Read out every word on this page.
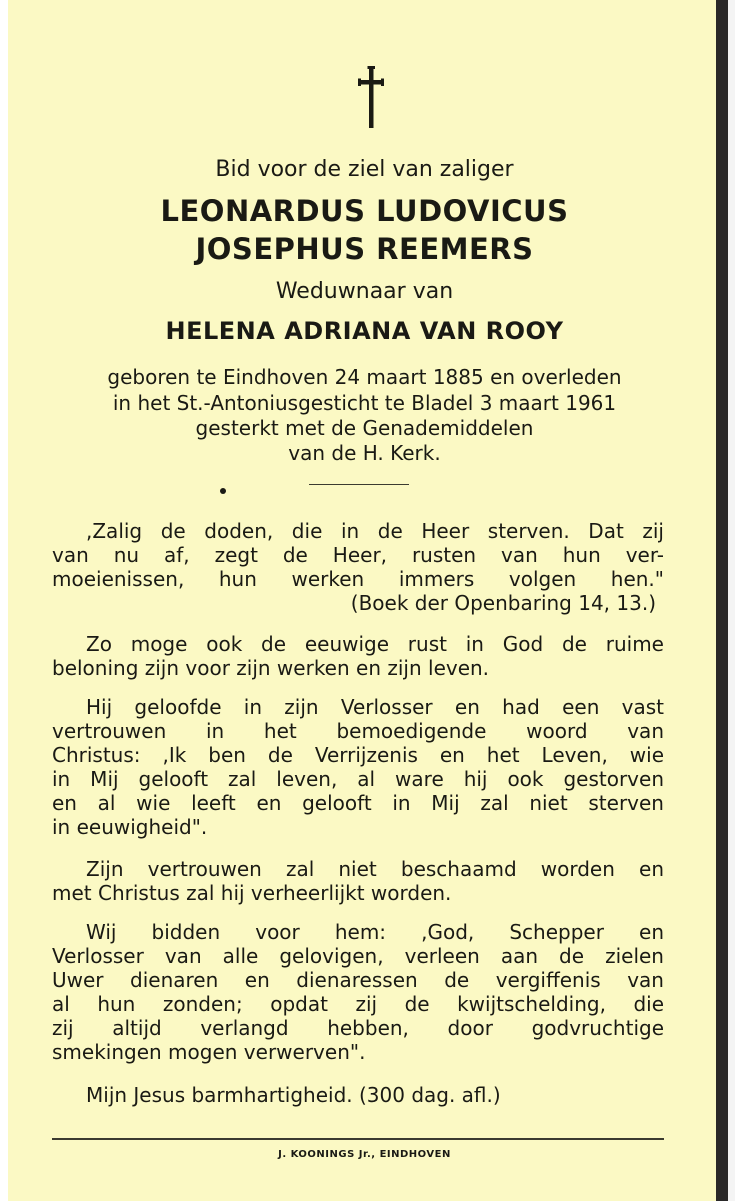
Bid voor de ziel van zaliger
LEONARDUS LUDOVICUS
JOSEPHUS REEMERS
Weduwnaar van
HELENA ADRIANA VAN ROOY
geboren te Eindhoven 24 maart 1885 en overleden
in het St.-Antoniusgesticht te Bladel 3 maart 1961
gesterkt met de Genademiddelen
van de H. Kerk.
,Zalig de doden, die in de Heer sterven. Dat zij
van nu af, zegt de Heer, rusten van hun ver-
moeienissen, hun werken immers volgen hen."
(Boek der Openbaring 14, 13.)
Zo moge ook de eeuwige rust in God de ruime
beloning zijn voor zijn werken en zijn leven.
Hij geloofde in zijn Verlosser en had een vast
vertrouwen in het bemoedigende woord van
Christus: ,Ik ben de Verrijzenis en het Leven, wie
in Mij gelooft zal leven, al ware hij ook gestorven
en al wie leeft en gelooft in Mij zal niet sterven
in eeuwigheid".
Zijn vertrouwen zal niet beschaamd worden en
met Christus zal hij verheerlijkt worden.
Wij bidden voor hem: ,God, Schepper en
Verlosser van alle gelovigen, verleen aan de zielen
Uwer dienaren en dienaressen de vergiffenis van
al hun zonden; opdat zij de kwijtschelding, die
zij altijd verlangd hebben, door godvruchtige
smekingen mogen verwerven".
Mijn Jesus barmhartigheid. (300 dag. afl.)
J. KOONINGS Jr., EINDHOVEN
